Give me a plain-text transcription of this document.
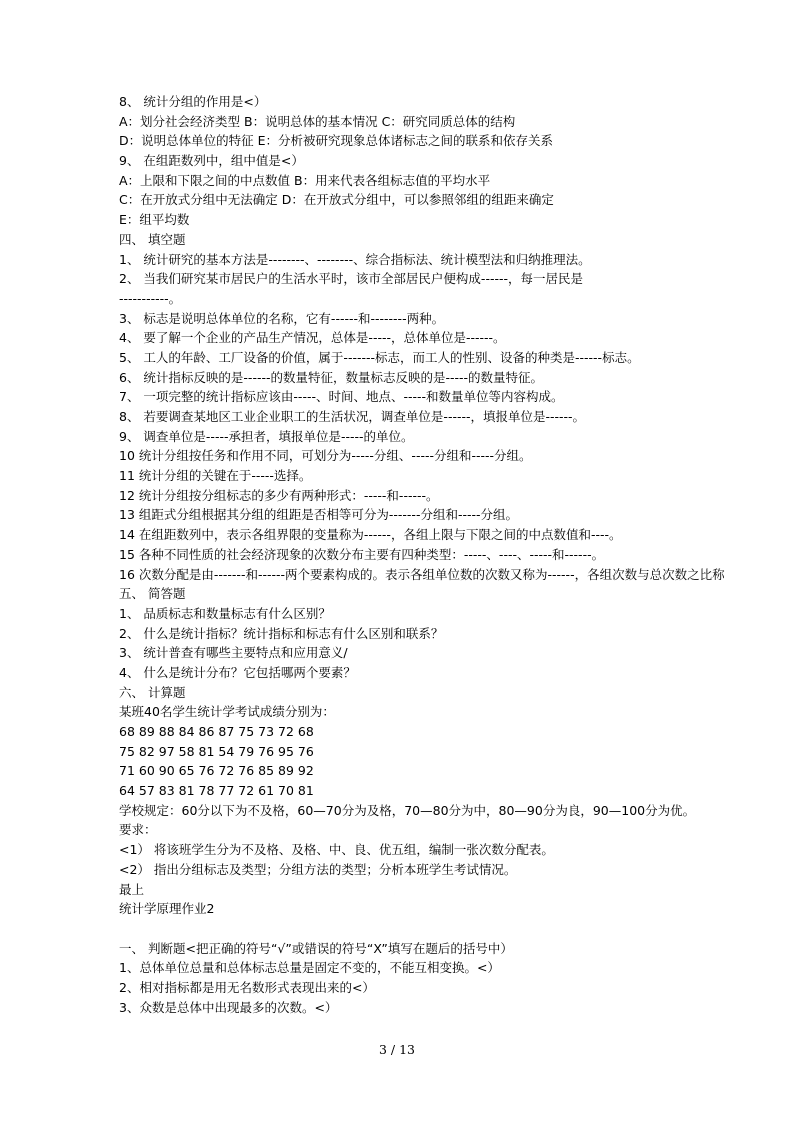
8、 统计分组的作用是<）
A：划分社会经济类型 B：说明总体的基本情况 C：研究同质总体的结构
D：说明总体单位的特征 E：分析被研究现象总体诸标志之间的联系和依存关系
9、 在组距数列中，组中值是<）
A：上限和下限之间的中点数值 B：用来代表各组标志值的平均水平
C：在开放式分组中无法确定 D：在开放式分组中，可以参照邻组的组距来确定
E：组平均数
四、 填空题
1、 统计研究的基本方法是--------、--------、综合指标法、统计模型法和归纳推理法。
2、 当我们研究某市居民户的生活水平时，该市全部居民户便构成------，每一居民是
-----------。
3、 标志是说明总体单位的名称，它有------和--------两种。
4、 要了解一个企业的产品生产情况，总体是-----，总体单位是------。
5、 工人的年龄、工厂设备的价值，属于-------标志，而工人的性别、设备的种类是------标志。
6、 统计指标反映的是------的数量特征，数量标志反映的是-----的数量特征。
7、 一项完整的统计指标应该由-----、时间、地点、-----和数量单位等内容构成。
8、 若要调查某地区工业企业职工的生活状况，调查单位是------，填报单位是------。
9、 调查单位是-----承担者，填报单位是-----的单位。
10 统计分组按任务和作用不同，可划分为-----分组、-----分组和-----分组。
11 统计分组的关键在于-----选择。
12 统计分组按分组标志的多少有两种形式：-----和------。
13 组距式分组根据其分组的组距是否相等可分为-------分组和-----分组。
14 在组距数列中，表示各组界限的变量称为------，各组上限与下限之间的中点数值和----。
15 各种不同性质的社会经济现象的次数分布主要有四种类型：-----、----、-----和------。
16 次数分配是由-------和------两个要素构成的。表示各组单位数的次数又称为------，各组次数与总次数之比称
五、 简答题
1、 品质标志和数量标志有什么区别？
2、 什么是统计指标？统计指标和标志有什么区别和联系？
3、 统计普查有哪些主要特点和应用意义/
4、 什么是统计分布？它包括哪两个要素？
六、 计算题
某班40名学生统计学考试成绩分别为：
68 89 88 84 86 87 75 73 72 68
75 82 97 58 81 54 79 76 95 76
71 60 90 65 76 72 76 85 89 92
64 57 83 81 78 77 72 61 70 81
学校规定：60分以下为不及格，60—70分为及格，70—80分为中，80—90分为良，90—100分为优。
要求：
<1） 将该班学生分为不及格、及格、中、良、优五组，编制一张次数分配表。
<2） 指出分组标志及类型；分组方法的类型；分析本班学生考试情况。
最上
统计学原理作业2
一、 判断题<把正确的符号“√”或错误的符号“X”填写在题后的括号中）
1、总体单位总量和总体标志总量是固定不变的，不能互相变换。<）
2、相对指标都是用无名数形式表现出来的<）
3、众数是总体中出现最多的次数。<）
3 / 13
